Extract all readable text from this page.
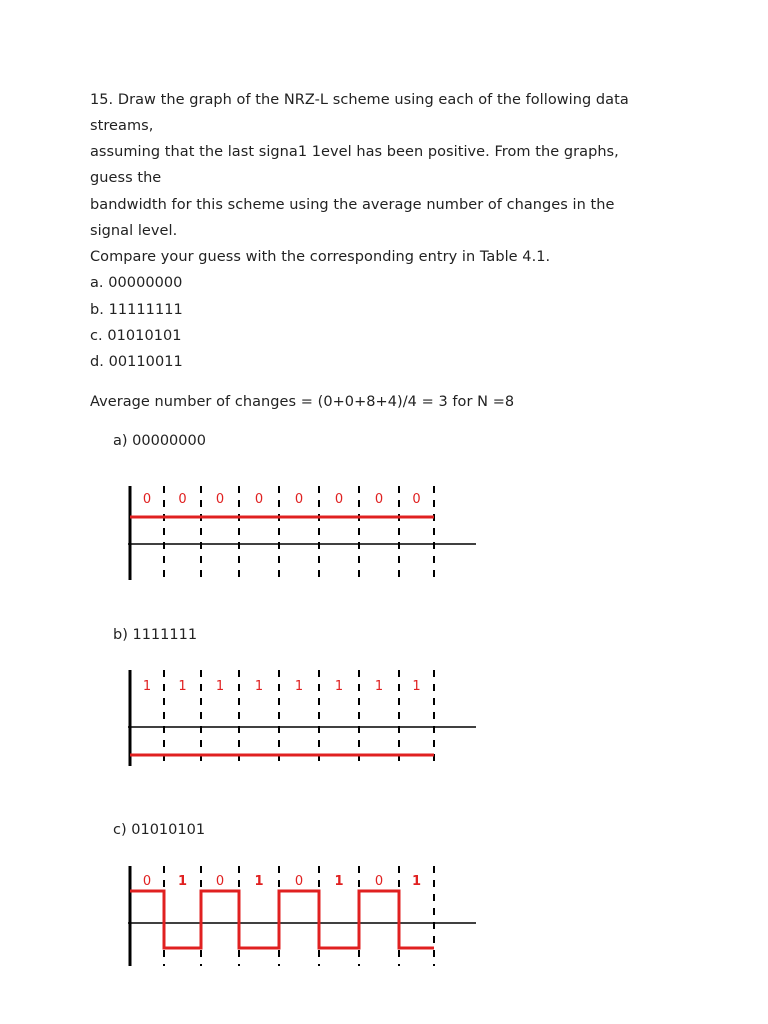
15. Draw the graph of the NRZ-L scheme using each of the following data
streams,
assuming that the last signa1 1evel has been positive. From the graphs,
guess the
bandwidth for this scheme using the average number of changes in the
signal level.
Compare your guess with the corresponding entry in Table 4.1.
a. 00000000
b. 11111111
c. 01010101
d. 00110011
Average number of changes = (0+0+8+4)/4 = 3 for N =8
a) 00000000
0 0 0 0 0 0 0 0
b) 1111111
1 1 1 1 1 1 1 1
c) 01010101
0 1 0 1 0 1 0 1
